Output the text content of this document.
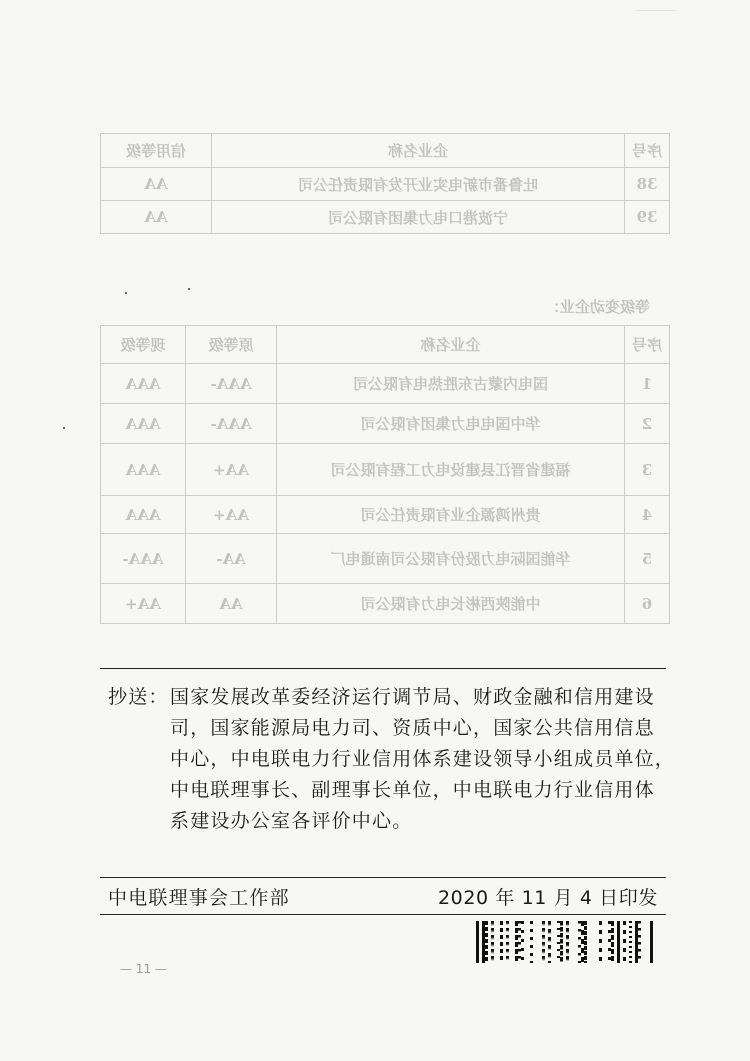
序号	企业名称	信用等级
38	吐鲁番市新电实业开发有限责任公司	AA
39	宁波港口电力集团有限公司	AA
等级变动企业：
序号	企业名称	原等级	现等级
1	国电内蒙古东胜热电有限公司	AAA-	AAA
2	华中国电电力集团有限公司	AAA-	AAA
3	福建省晋江县建设电力工程有限公司	AA+	AAA
4	贵州鸿源企业有限责任公司	AA+	AAA
5	华能国际电力股份有限公司南通电厂	AA-	AAA-
6	中能陕西彬长电力有限公司	AA	AA+
抄送： 国家发展改革委经济运行调节局、财政金融和信用建设
司，国家能源局电力司、资质中心，国家公共信用信息
中心，中电联电力行业信用体系建设领导小组成员单位，
中电联理事长、副理事长单位，中电联电力行业信用体
系建设办公室各评价中心。
中电联理事会工作部	2020 年 11 月 4 日印发
— 11 —
